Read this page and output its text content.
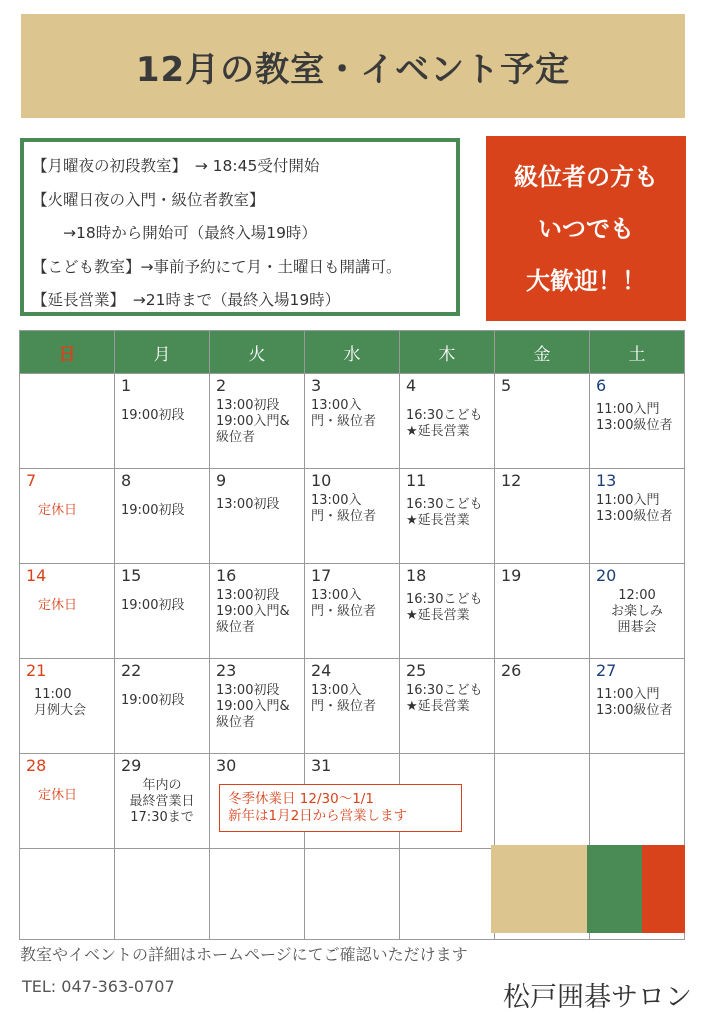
12月の教室・イベント予定
【月曜夜の初段教室】　→ 18:45受付開始
【火曜日夜の入門・級位者教室】
　　→18時から開始可（最終入場19時）
【こども教室】→事前予約にて月・土曜日も開講可。
【延長営業】　→21時まで（最終入場19時）
級位者の方も
いつでも
大歓迎！！
日	月	火	水	木	金	土

	1
19:00初段	2
13:00初段
19:00入門&
級位者	3
13:00入
門・級位者	4
16:30こども
★延長営業	5	6
11:00入門
13:00級位者

7
定休日	8
19:00初段	9
13:00初段	10
13:00入
門・級位者	11
16:30こども
★延長営業	12	13
11:00入門
13:00級位者

14
定休日	15
19:00初段	16
13:00初段
19:00入門&
級位者	17
13:00入
門・級位者	18
16:30こども
★延長営業	19	20
12:00
お楽しみ
囲碁会

21
11:00
月例大会	22
19:00初段	23
13:00初段
19:00入門&
級位者	24
13:00入
門・級位者	25
16:30こども
★延長営業	26	27
11:00入門
13:00級位者

28
定休日	29
年内の
最終営業日
17:30まで	30	31			

冬季休業日 12/30～1/1
新年は1月2日から営業します
教室やイベントの詳細はホームページにてご確認いただけます
TEL: 047-363-0707	松戸囲碁サロン
